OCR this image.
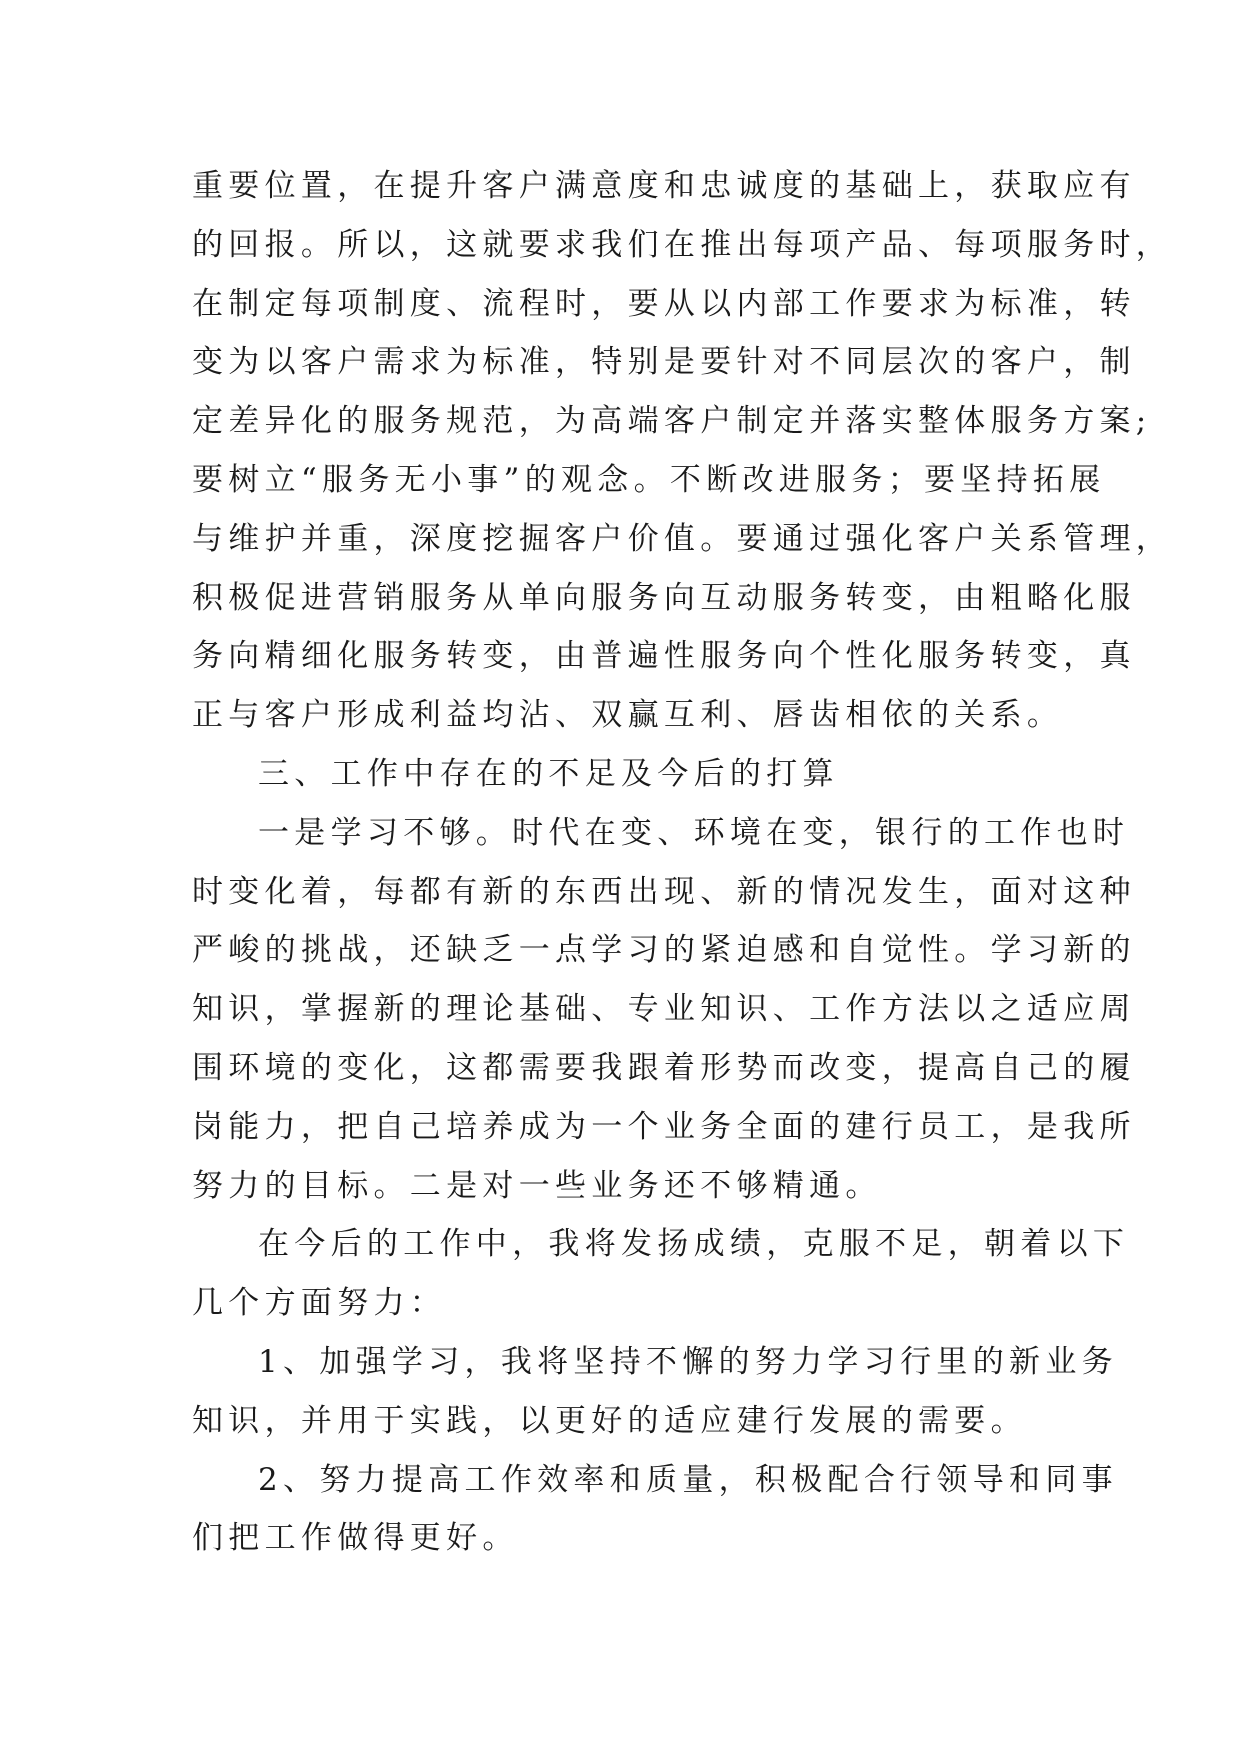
重要位置，在提升客户满意度和忠诚度的基础上，获取应有
的回报。所以，这就要求我们在推出每项产品、每项服务时，
在制定每项制度、流程时，要从以内部工作要求为标准，转
变为以客户需求为标准，特别是要针对不同层次的客户，制
定差异化的服务规范，为高端客户制定并落实整体服务方案;
要树立“服务无小事”的观念。不断改进服务；要坚持拓展
与维护并重，深度挖掘客户价值。要通过强化客户关系管理，
积极促进营销服务从单向服务向互动服务转变，由粗略化服
务向精细化服务转变，由普遍性服务向个性化服务转变，真
正与客户形成利益均沾、双赢互利、唇齿相依的关系。
三、工作中存在的不足及今后的打算
一是学习不够。时代在变、环境在变，银行的工作也时
时变化着，每都有新的东西出现、新的情况发生，面对这种
严峻的挑战，还缺乏一点学习的紧迫感和自觉性。学习新的
知识，掌握新的理论基础、专业知识、工作方法以之适应周
围环境的变化，这都需要我跟着形势而改变，提高自己的履
岗能力，把自己培养成为一个业务全面的建行员工，是我所
努力的目标。二是对一些业务还不够精通。
在今后的工作中，我将发扬成绩，克服不足，朝着以下
几个方面努力：
1、加强学习，我将坚持不懈的努力学习行里的新业务
知识，并用于实践，以更好的适应建行发展的需要。
2、努力提高工作效率和质量，积极配合行领导和同事
们把工作做得更好。
